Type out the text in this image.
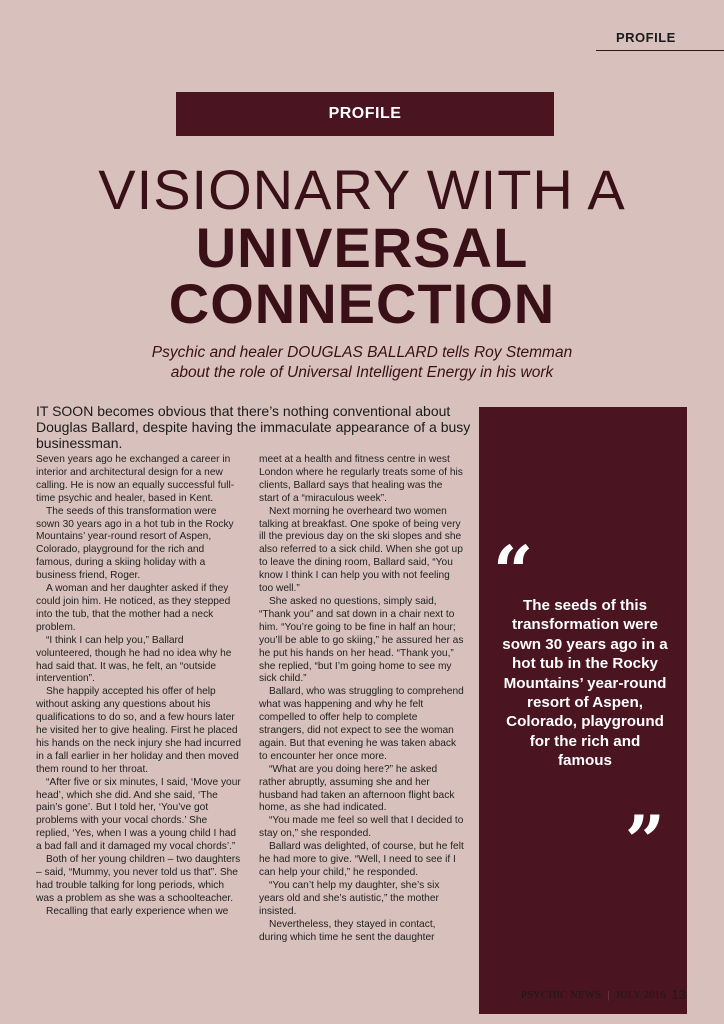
PROFILE
PROFILE
VISIONARY WITH A
UNIVERSAL
CONNECTION
Psychic and healer DOUGLAS BALLARD tells Roy Stemman
about the role of Universal Intelligent Energy in his work

IT SOON becomes obvious that there’s nothing conventional about Douglas Ballard, despite having the immaculate appearance of a busy businessman.

Seven years ago he exchanged a career in interior and architectural design for a new calling. He is now an equally successful full-time psychic and healer, based in Kent.

The seeds of this transformation were sown 30 years ago in a hot tub in the Rocky Mountains’ year-round resort of Aspen, Colorado, playground for the rich and famous, during a skiing holiday with a business friend, Roger.

A woman and her daughter asked if they could join him. He noticed, as they stepped into the tub, that the mother had a neck problem.

“I think I can help you,” Ballard volunteered, though he had no idea why he had said that. It was, he felt, an “outside intervention”.

She happily accepted his offer of help without asking any questions about his qualifications to do so, and a few hours later he visited her to give healing. First he placed his hands on the neck injury she had incurred in a fall earlier in her holiday and then moved them round to her throat.

“After five or six minutes, I said, ‘Move your head’, which she did. And she said, ‘The pain’s gone’. But I told her, ‘You’ve got problems with your vocal chords.’ She replied, ‘Yes, when I was a young child I had a bad fall and it damaged my vocal chords’.”

Both of her young children – two daughters – said, “Mummy, you never told us that”. She had trouble talking for long periods, which was a problem as she was a schoolteacher.

Recalling that early experience when we

meet at a health and fitness centre in west London where he regularly treats some of his clients, Ballard says that healing was the start of a “miraculous week”.

Next morning he overheard two women talking at breakfast. One spoke of being very ill the previous day on the ski slopes and she also referred to a sick child. When she got up to leave the dining room, Ballard said, “You know I think I can help you with not feeling too well.”

She asked no questions, simply said, “Thank you” and sat down in a chair next to him. “You’re going to be fine in half an hour; you’ll be able to go skiing,” he assured her as he put his hands on her head. “Thank you,” she replied, “but I’m going home to see my sick child.”

Ballard, who was struggling to comprehend what was happening and why he felt compelled to offer help to complete strangers, did not expect to see the woman again. But that evening he was taken aback to encounter her once more.

“What are you doing here?” he asked rather abruptly, assuming she and her husband had taken an afternoon flight back home, as she had indicated.

“You made me feel so well that I decided to stay on,” she responded.

Ballard was delighted, of course, but he felt he had more to give. “Well, I need to see if I can help your child,” he responded.

“You can’t help my daughter, she’s six years old and she’s autistic,” the mother insisted.

Nevertheless, they stayed in contact, during which time he sent the daughter

“
The seeds of this transformation were sown 30 years ago in a hot tub in the Rocky Mountains’ year-round resort of Aspen, Colorado, playground for the rich and famous
”
PSYCHIC NEWS | JULY 2016 13
